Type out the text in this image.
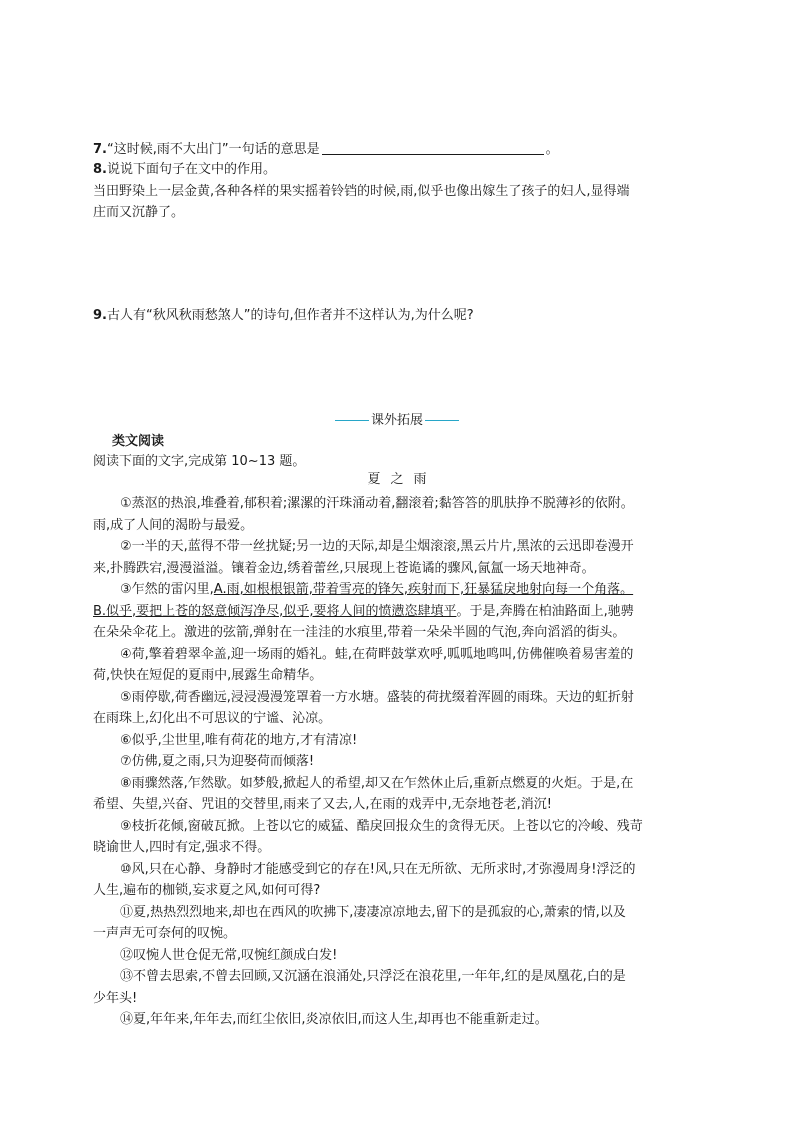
7.“这时候,雨不大出门”一句话的意思是	。
8.说说下面句子在文中的作用。
当田野染上一层金黄,各种各样的果实摇着铃铛的时候,雨,似乎也像出嫁生了孩子的妇人,显得端
庄而又沉静了。
9.古人有“秋风秋雨愁煞人”的诗句,但作者并不这样认为,为什么呢?
课外拓展
类文阅读
阅读下面的文字,完成第 10~13 题。
夏之雨
①蒸沤的热浪,堆叠着,郁积着;漯漯的汗珠涌动着,翻滚着;黏答答的肌肤挣不脱薄衫的依附。
雨,成了人间的渴盼与最爱。
②一半的天,蓝得不带一丝扰疑;另一边的天际,却是尘烟滚滚,黑云片片,黑浓的云迅即卷漫开
来,扑腾跌宕,漫漫溢溢。镶着金边,绣着蕾丝,只展现上苍诡谲的骤风,氤氲一场天地神奇。
③乍然的雷闪里,A.雨,如根根银箭,带着雪亮的锋矢,疾射而下,狂暴猛戾地射向每一个角落。
B.似乎,要把上苍的怒意倾泻净尽,似乎,要将人间的愤懑恣肆填平。于是,奔腾在柏油路面上,驰骋
在朵朵伞花上。激进的弦箭,弹射在一洼洼的水痕里,带着一朵朵半圆的气泡,奔向滔滔的街头。
④荷,擎着碧翠伞盖,迎一场雨的婚礼。蛙,在荷畔鼓掌欢呼,呱呱地鸣叫,仿佛催唤着易害羞的
荷,快快在短促的夏雨中,展露生命精华。
⑤雨停歇,荷香幽远,浸浸漫漫笼罩着一方水塘。盛装的荷扰缀着浑圆的雨珠。天边的虹折射
在雨珠上,幻化出不可思议的宁谧、沁凉。
⑥似乎,尘世里,唯有荷花的地方,才有清凉!
⑦仿佛,夏之雨,只为迎娶荷而倾落!
⑧雨骤然落,乍然歇。如梦般,掀起人的希望,却又在乍然休止后,重新点燃夏的火炬。于是,在
希望、失望,兴奋、咒诅的交替里,雨来了又去,人,在雨的戏弄中,无奈地苍老,消沉!
⑨枝折花倾,窗破瓦掀。上苍以它的威猛、酷戾回报众生的贪得无厌。上苍以它的冷峻、残苛
晓谕世人,四时有定,强求不得。
⑩风,只在心静、身静时才能感受到它的存在!风,只在无所欲、无所求时,才弥漫周身!浮泛的
人生,遍布的枷锁,妄求夏之风,如何可得?
⑪夏,热热烈烈地来,却也在西风的吹拂下,凄凄凉凉地去,留下的是孤寂的心,萧索的情,以及
一声声无可奈何的叹惋。
⑫叹惋人世仓促无常,叹惋红颜成白发!
⑬不曾去思索,不曾去回顾,又沉涵在浪涌处,只浮泛在浪花里,一年年,红的是凤凰花,白的是
少年头!
⑭夏,年年来,年年去,而红尘依旧,炎凉依旧,而这人生,却再也不能重新走过。
